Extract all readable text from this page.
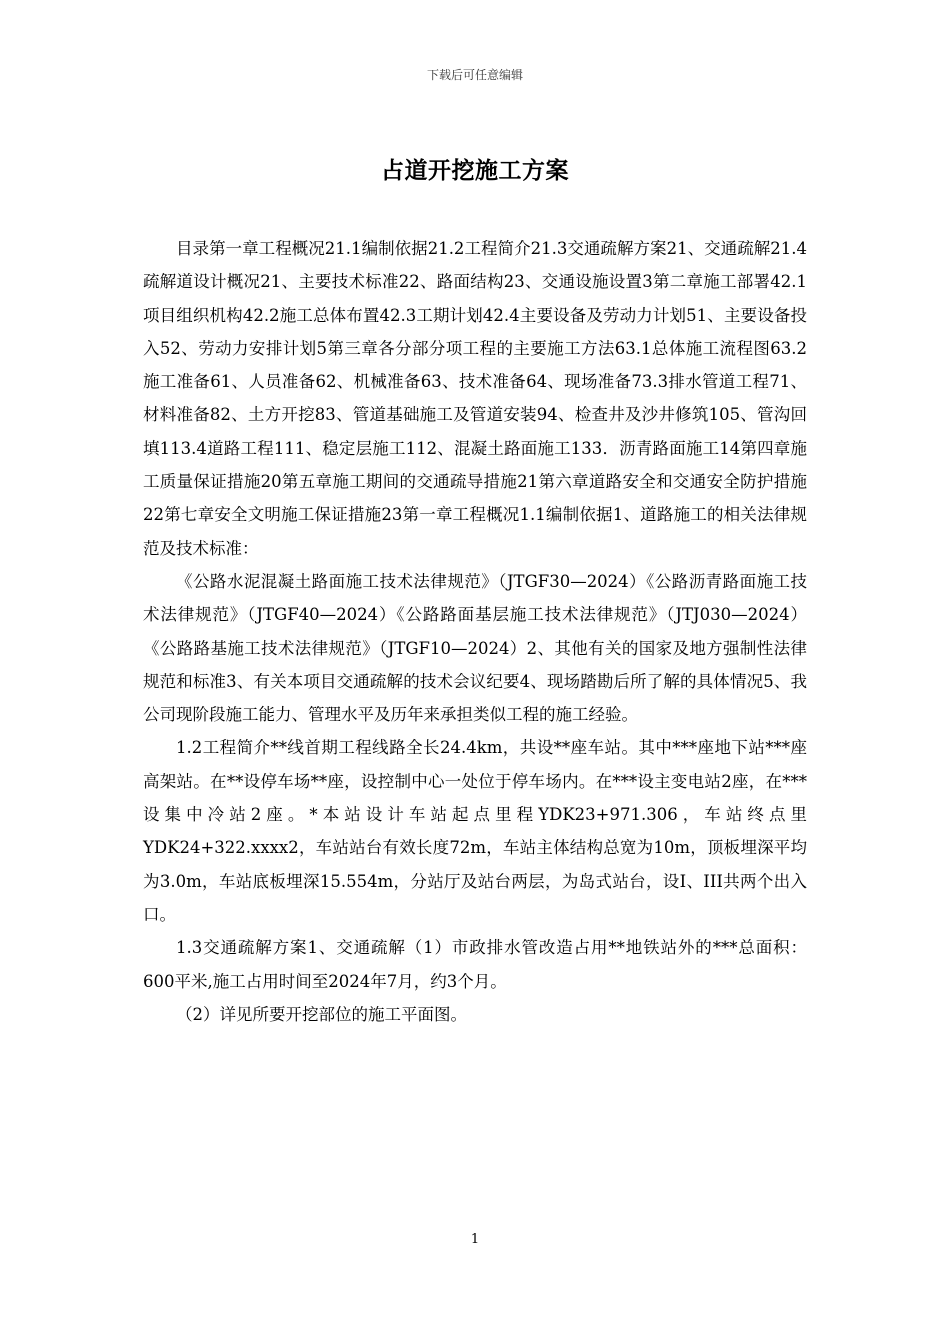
下载后可任意编辑
占道开挖施工方案

目录第一章工程概况21.1编制依据21.2工程简介21.3交通疏解方案21、交通疏解21.4疏解道设计概况21、主要技术标准22、路面结构23、交通设施设置3第二章施工部署42.1项目组织机构42.2施工总体布置42.3工期计划42.4主要设备及劳动力计划51、主要设备投入52、劳动力安排计划5第三章各分部分项工程的主要施工方法63.1总体施工流程图63.2施工准备61、人员准备62、机械准备63、技术准备64、现场准备73.3排水管道工程71、材料准备82、土方开挖83、管道基础施工及管道安装94、检查井及沙井修筑105、管沟回填113.4道路工程111、稳定层施工112、混凝土路面施工133．沥青路面施工14第四章施工质量保证措施20第五章施工期间的交通疏导措施21第六章道路安全和交通安全防护措施22第七章安全文明施工保证措施23第一章工程概况1.1编制依据1、道路施工的相关法律规范及技术标准：

《公路水泥混凝土路面施工技术法律规范》（JTGF30—2024）《公路沥青路面施工技术法律规范》（JTGF40—2024）《公路路面基层施工技术法律规范》（JTJ030—2024）《公路路基施工技术法律规范》（JTGF10—2024）2、其他有关的国家及地方强制性法律规范和标准3、有关本项目交通疏解的技术会议纪要4、现场踏勘后所了解的具体情况5、我公司现阶段施工能力、管理水平及历年来承担类似工程的施工经验。

1.2工程简介**线首期工程线路全长24.4km，共设**座车站。其中***座地下站***座高架站。在**设停车场**座，设控制中心一处位于停车场内。在***设主变电站2座，在***设集中冷站2座。*本站设计车站起点里程YDK23+971.306，车站终点里YDK24+322.xxxx2，车站站台有效长度72m，车站主体结构总宽为10m，顶板埋深平均为3.0m，车站底板埋深15.554m，分站厅及站台两层，为岛式站台，设I、III共两个出入口。

1.3交通疏解方案1、交通疏解（1）市政排水管改造占用**地铁站外的***总面积：600平米,施工占用时间至2024年7月，约3个月。

（2）详见所要开挖部位的施工平面图。

1
